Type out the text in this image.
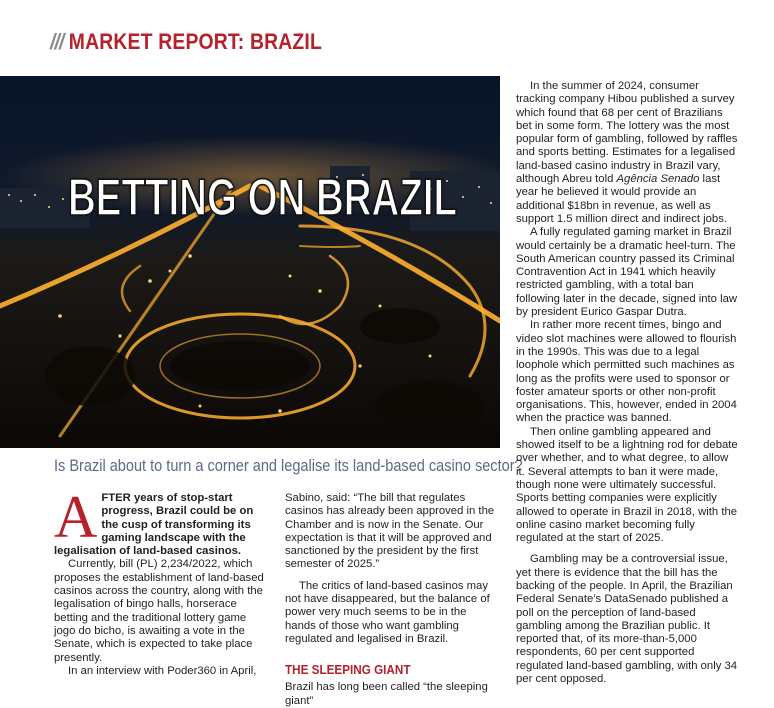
/// MARKET REPORT: BRAZIL
BETTING ON BRAZIL
Is Brazil about to turn a corner and legalise its land-based casino sector?
A FTER years of stop-start progress, Brazil could be on the cusp of transforming its gaming landscape with the legalisation of land-based casinos.

Currently, bill (PL) 2,234/2022, which proposes the establishment of land-based casinos across the country, along with the legalisation of bingo halls, horserace betting and the traditional lottery game jogo do bicho, is awaiting a vote in the Senate, which is expected to take place presently.

In an interview with Poder360 in April,

Sabino, said: “The bill that regulates casinos has already been approved in the Chamber and is now in the Senate. Our expectation is that it will be approved and sanctioned by the president by the first semester of 2025.”

The critics of land-based casinos may not have disappeared, but the balance of power very much seems to be in the hands of those who want gambling regulated and legalised in Brazil.

THE SLEEPING GIANT

Brazil has long been called “the sleeping giant”

In the summer of 2024, consumer tracking company Hibou published a survey which found that 68 per cent of Brazilians bet in some form. The lottery was the most popular form of gambling, followed by raffles and sports betting. Estimates for a legalised land-based casino industry in Brazil vary, although Abreu told Agência Senado last year he believed it would provide an additional $18bn in revenue, as well as support 1.5 million direct and indirect jobs.

A fully regulated gaming market in Brazil would certainly be a dramatic heel-turn. The South American country passed its Criminal Contravention Act in 1941 which heavily restricted gambling, with a total ban following later in the decade, signed into law by president Eurico Gaspar Dutra.

In rather more recent times, bingo and video slot machines were allowed to flourish in the 1990s. This was due to a legal loophole which permitted such machines as long as the profits were used to sponsor or foster amateur sports or other non-profit organisations. This, however, ended in 2004 when the practice was banned.

Then online gambling appeared and showed itself to be a lightning rod for debate over whether, and to what degree, to allow it. Several attempts to ban it were made, though none were ultimately successful. Sports betting companies were explicitly allowed to operate in Brazil in 2018, with the online casino market becoming fully regulated at the start of 2025.

Gambling may be a controversial issue, yet there is evidence that the bill has the backing of the people. In April, the Brazilian Federal Senate’s DataSenado published a poll on the perception of land-based gambling among the Brazilian public. It reported that, of its more-than-5,000 respondents, 60 per cent supported regulated land-based gambling, with only 34 per cent opposed.
